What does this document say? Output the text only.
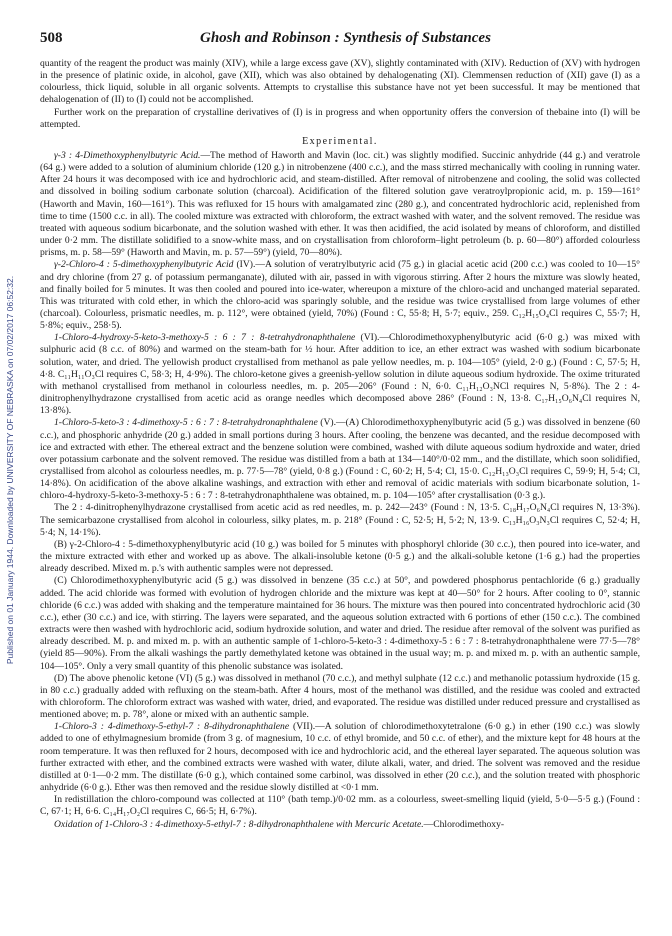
Published on 01 January 1944. Downloaded by UNIVERSITY OF NEBRASKA on 07/02/2017 06:52:32.
508	Ghosh and Robinson : Synthesis of Substances

quantity of the reagent the product was mainly (XIV), while a large excess gave (XV), slightly contaminated with (XIV). Reduction of (XV) with hydrogen in the presence of platinic oxide, in alcohol, gave (XII), which was also obtained by dehalogenating (XI). Clemmensen reduction of (XII) gave (I) as a colourless, thick liquid, soluble in all organic solvents. Attempts to crystallise this substance have not yet been successful. It may be mentioned that dehalogenation of (II) to (I) could not be accomplished.

Further work on the preparation of crystalline derivatives of (I) is in progress and when opportunity offers the conversion of thebaine into (I) will be attempted.

Experimental.

γ-3 : 4-Dimethoxyphenylbutyric Acid.—The method of Haworth and Mavin (loc. cit.) was slightly modified. Succinic anhydride (44 g.) and veratrole (64 g.) were added to a solution of aluminium chloride (120 g.) in nitrobenzene (400 c.c.), and the mass stirred mechanically with cooling in running water. After 24 hours it was decomposed with ice and hydrochloric acid, and steam-distilled. After removal of nitrobenzene and cooling, the solid was collected and dissolved in boiling sodium carbonate solution (charcoal). Acidification of the filtered solution gave veratroylpropionic acid, m. p. 159—161° (Haworth and Mavin, 160—161°). This was refluxed for 15 hours with amalgamated zinc (280 g.), and concentrated hydrochloric acid, replenished from time to time (1500 c.c. in all). The cooled mixture was extracted with chloroform, the extract washed with water, and the solvent removed. The residue was treated with aqueous sodium bicarbonate, and the solution washed with ether. It was then acidified, the acid isolated by means of chloroform, and distilled under 0·2 mm. The distillate solidified to a snow-white mass, and on crystallisation from chloroform–light petroleum (b. p. 60—80°) afforded colourless prisms, m. p. 58—59° (Haworth and Mavin, m. p. 57—59°) (yield, 70—80%).

γ-2-Chloro-4 : 5-dimethoxyphenylbutyric Acid (IV).—A solution of veratrylbutyric acid (75 g.) in glacial acetic acid (200 c.c.) was cooled to 10—15° and dry chlorine (from 27 g. of potassium permanganate), diluted with air, passed in with vigorous stirring. After 2 hours the mixture was slowly heated, and finally boiled for 5 minutes. It was then cooled and poured into ice-water, whereupon a mixture of the chloro-acid and unchanged material separated. This was triturated with cold ether, in which the chloro-acid was sparingly soluble, and the residue was twice crystallised from large volumes of ether (charcoal). Colourless, prismatic needles, m. p. 112°, were obtained (yield, 70%) (Found : C, 55·8; H, 5·7; equiv., 259. C₁₂H₁₅O₄Cl requires C, 55·7; H, 5·8%; equiv., 258·5).

1-Chloro-4-hydroxy-5-keto-3-methoxy-5 : 6 : 7 : 8-tetrahydronaphthalene (VI).—Chlorodimethoxyphenylbutyric acid (6·0 g.) was mixed with sulphuric acid (8 c.c. of 80%) and warmed on the steam-bath for ½ hour. After addition to ice, an ether extract was washed with sodium bicarbonate solution, water, and dried. The yellowish product crystallised from methanol as pale yellow needles, m. p. 104—105° (yield, 2·0 g.) (Found : C, 57·5; H, 4·8. C₁₁H₁₁O₃Cl requires C, 58·3; H, 4·9%). The chloro-ketone gives a greenish-yellow solution in dilute aqueous sodium hydroxide. The oxime triturated with methanol crystallised from methanol in colourless needles, m. p. 205—206° (Found : N, 6·0. C₁₁H₁₂O₃NCl requires N, 5·8%). The 2 : 4-dinitrophenylhydrazone crystallised from acetic acid as orange needles which decomposed above 286° (Found : N, 13·8. C₁₇H₁₅O₆N₄Cl requires N, 13·8%).

1-Chloro-5-keto-3 : 4-dimethoxy-5 : 6 : 7 : 8-tetrahydronaphthalene (V).—(A) Chlorodimethoxyphenylbutyric acid (5 g.) was dissolved in benzene (60 c.c.), and phosphoric anhydride (20 g.) added in small portions during 3 hours. After cooling, the benzene was decanted, and the residue decomposed with ice and extracted with ether. The ethereal extract and the benzene solution were combined, washed with dilute aqueous sodium hydroxide and water, dried over potassium carbonate and the solvent removed. The residue was distilled from a bath at 134—140°/0·02 mm., and the distillate, which soon solidified, crystallised from alcohol as colourless needles, m. p. 77·5—78° (yield, 0·8 g.) (Found : C, 60·2; H, 5·4; Cl, 15·0. C₁₂H₁₃O₃Cl requires C, 59·9; H, 5·4; Cl, 14·8%). On acidification of the above alkaline washings, and extraction with ether and removal of acidic materials with sodium bicarbonate solution, 1-chloro-4-hydroxy-5-keto-3-methoxy-5 : 6 : 7 : 8-tetrahydronaphthalene was obtained, m. p. 104—105° after crystallisation (0·3 g.).

The 2 : 4-dinitrophenylhydrazone crystallised from acetic acid as red needles, m. p. 242—243° (Found : N, 13·5. C₁₈H₁₇O₆N₄Cl requires N, 13·3%). The semicarbazone crystallised from alcohol in colourless, silky plates, m. p. 218° (Found : C, 52·5; H, 5·2; N, 13·9. C₁₃H₁₆O₃N₃Cl requires C, 52·4; H, 5·4; N, 14·1%).

(B) γ-2-Chloro-4 : 5-dimethoxyphenylbutyric acid (10 g.) was boiled for 5 minutes with phosphoryl chloride (30 c.c.), then poured into ice-water, and the mixture extracted with ether and worked up as above. The alkali-insoluble ketone (0·5 g.) and the alkali-soluble ketone (1·6 g.) had the properties already described. Mixed m. p.'s with authentic samples were not depressed.

(C) Chlorodimethoxyphenylbutyric acid (5 g.) was dissolved in benzene (35 c.c.) at 50°, and powdered phosphorus pentachloride (6 g.) gradually added. The acid chloride was formed with evolution of hydrogen chloride and the mixture was kept at 40—50° for 2 hours. After cooling to 0°, stannic chloride (6 c.c.) was added with shaking and the temperature maintained for 36 hours. The mixture was then poured into concentrated hydrochloric acid (30 c.c.), ether (30 c.c.) and ice, with stirring. The layers were separated, and the aqueous solution extracted with 6 portions of ether (150 c.c.). The combined extracts were then washed with hydrochloric acid, sodium hydroxide solution, and water and dried. The residue after removal of the solvent was purified as already described. M. p. and mixed m. p. with an authentic sample of 1-chloro-5-keto-3 : 4-dimethoxy-5 : 6 : 7 : 8-tetrahydronaphthalene were 77·5—78° (yield 85—90%). From the alkali washings the partly demethylated ketone was obtained in the usual way; m. p. and mixed m. p. with an authentic sample, 104—105°. Only a very small quantity of this phenolic substance was isolated.

(D) The above phenolic ketone (VI) (5 g.) was dissolved in methanol (70 c.c.), and methyl sulphate (12 c.c.) and methanolic potassium hydroxide (15 g. in 80 c.c.) gradually added with refluxing on the steam-bath. After 4 hours, most of the methanol was distilled, and the residue was cooled and extracted with chloroform. The chloroform extract was washed with water, dried, and evaporated. The residue was distilled under reduced pressure and crystallised as mentioned above; m. p. 78°, alone or mixed with an authentic sample.

1-Chloro-3 : 4-dimethoxy-5-ethyl-7 : 8-dihydronaphthalene (VII).—A solution of chlorodimethoxytetralone (6·0 g.) in ether (190 c.c.) was slowly added to one of ethylmagnesium bromide (from 3 g. of magnesium, 10 c.c. of ethyl bromide, and 50 c.c. of ether), and the mixture kept for 48 hours at the room temperature. It was then refluxed for 2 hours, decomposed with ice and hydrochloric acid, and the ethereal layer separated. The aqueous solution was further extracted with ether, and the combined extracts were washed with water, dilute alkali, water, and dried. The solvent was removed and the residue distilled at 0·1—0·2 mm. The distillate (6·0 g.), which contained some carbinol, was dissolved in ether (20 c.c.), and the solution treated with phosphoric anhydride (6·0 g.). Ether was then removed and the residue slowly distilled at <0·1 mm.

In redistillation the chloro-compound was collected at 110° (bath temp.)/0·02 mm. as a colourless, sweet-smelling liquid (yield, 5·0—5·5 g.) (Found : C, 67·1; H, 6·6. C₁₄H₁₇O₂Cl requires C, 66·5; H, 6·7%).

Oxidation of 1-Chloro-3 : 4-dimethoxy-5-ethyl-7 : 8-dihydronaphthalene with Mercuric Acetate.—Chlorodimethoxy-
